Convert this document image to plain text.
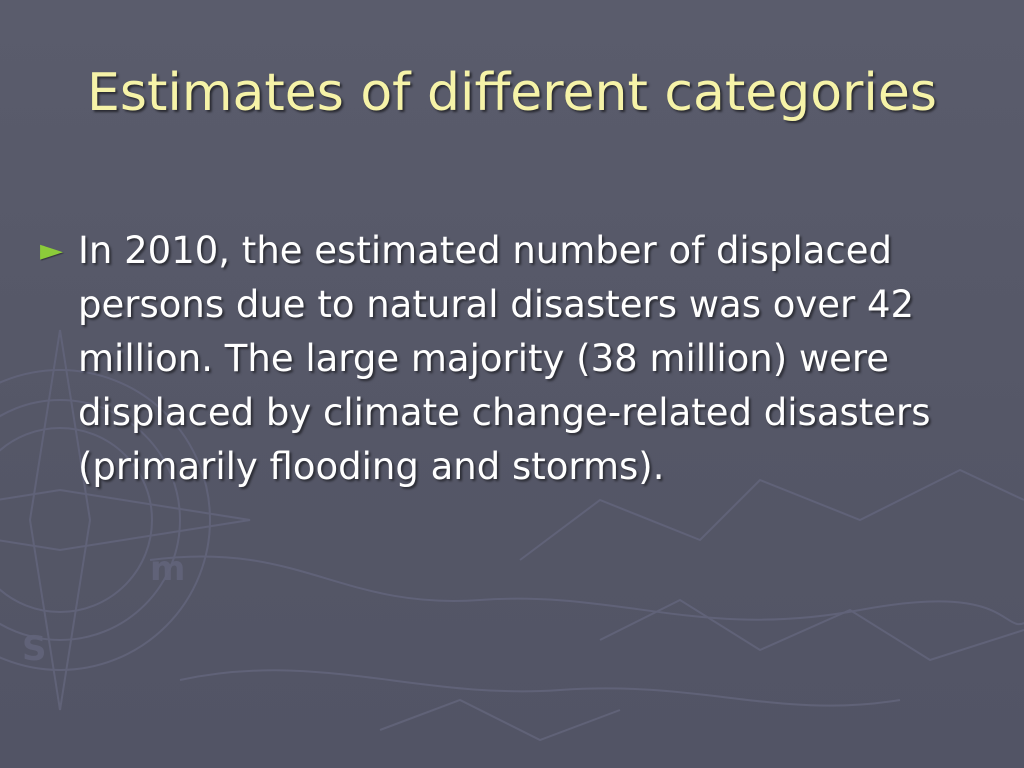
S
m
Estimates of different categories
► In 2010, the estimated number of displaced persons due to natural disasters was over 42 million. The large majority (38 million) were displaced by climate change-related disasters (primarily flooding and storms).
